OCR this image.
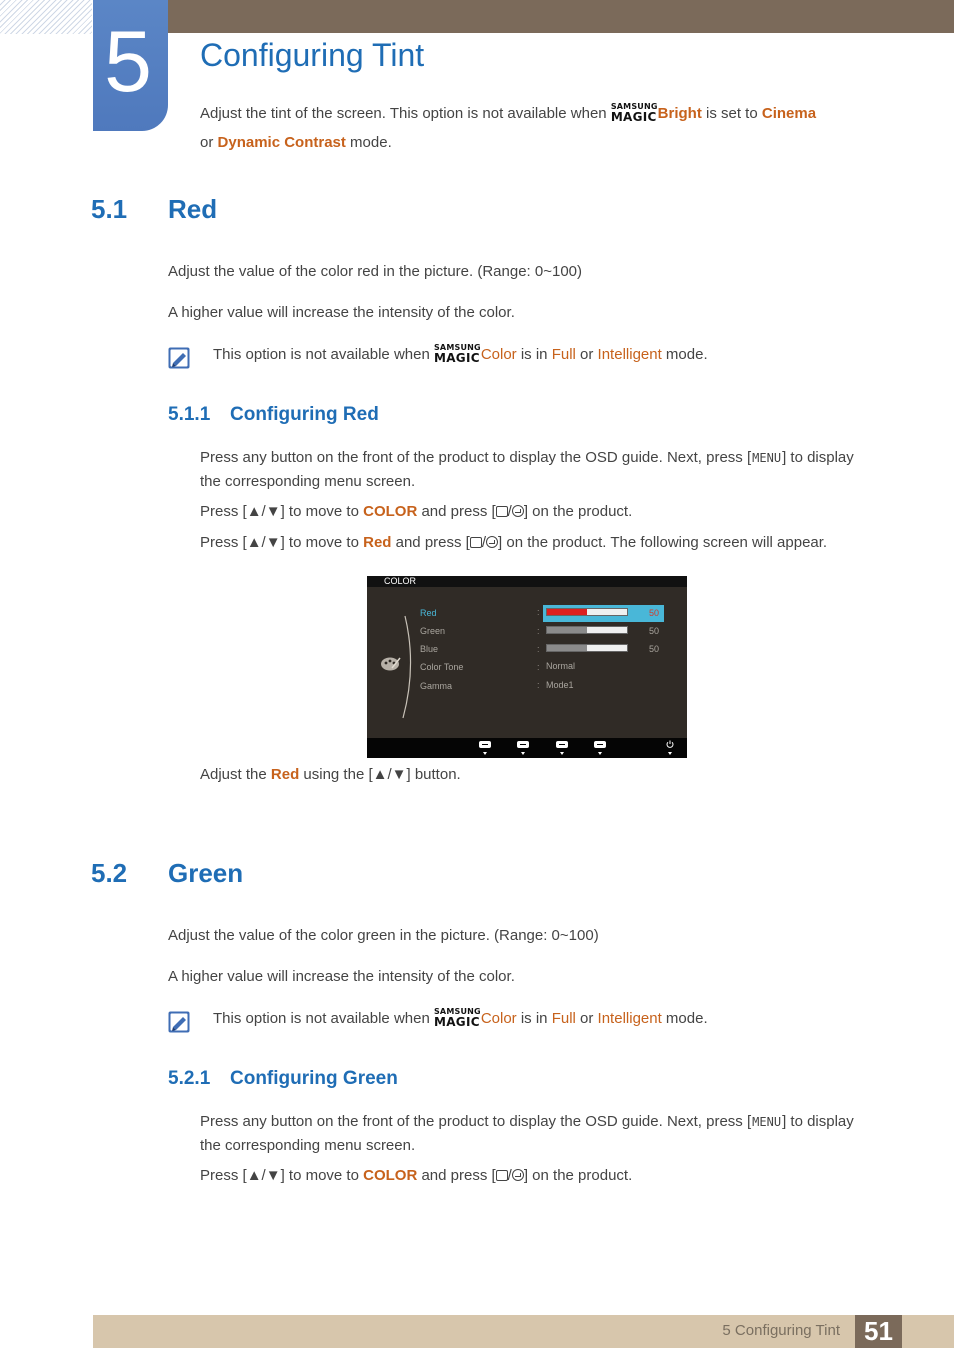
5	Configuring Tint

Adjust the tint of the screen. This option is not available when SAMSUNG
MAGIC Bright is set to Cinema

or Dynamic Contrast mode.

5.1 Red

Adjust the value of the color red in the picture. (Range: 0~100)

A higher value will increase the intensity of the color.

This option is not available when SAMSUNG
MAGIC Color is in Full or Intelligent mode.

5.1.1 Configuring Red

Press any button on the front of the product to display the OSD guide. Next, press [MENU] to display

the corresponding menu screen.

Press [▲/▼] to move to COLOR and press [ / ] on the product.

Press [▲/▼] to move to Red and press [ / ] on the product. The following screen will appear.

COLOR
Red	:	50
Green	:	50
Blue	:	50
Color Tone	: Normal
Gamma	: Mode1

Adjust the Red using the [▲/▼] button.

5.2 Green

Adjust the value of the color green in the picture. (Range: 0~100)

A higher value will increase the intensity of the color.

This option is not available when SAMSUNG
MAGIC Color is in Full or Intelligent mode.

5.2.1 Configuring Green

Press any button on the front of the product to display the OSD guide. Next, press [MENU] to display

the corresponding menu screen.

Press [▲/▼] to move to COLOR and press [ / ] on the product.

5 Configuring Tint 51
